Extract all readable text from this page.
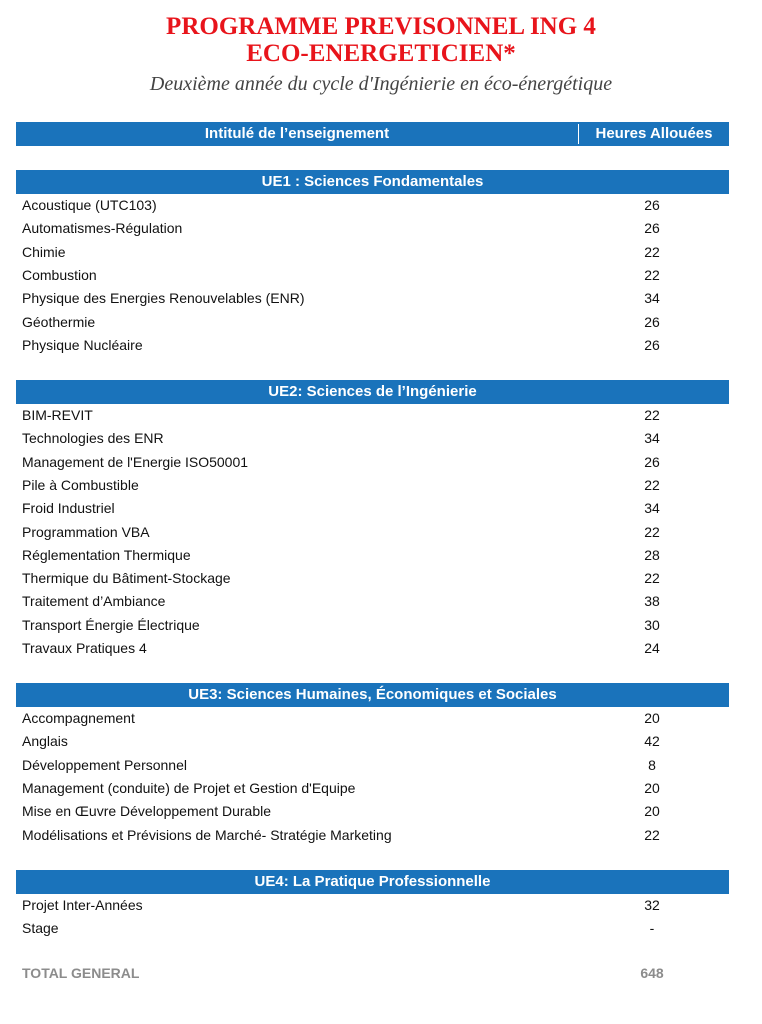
PROGRAMME PREVISONNEL ING 4
ECO-ENERGETICIEN*
Deuxième année du cycle d'Ingénierie en éco-énergétique
Intitulé de l’enseignement	Heures Allouées
UE1 : Sciences Fondamentales
Acoustique (UTC103)	26
Automatismes-Régulation	26
Chimie	22
Combustion	22
Physique des Energies Renouvelables (ENR)	34
Géothermie	26
Physique Nucléaire	26
UE2: Sciences de l’Ingénierie
BIM-REVIT	22
Technologies des ENR	34
Management de l'Energie ISO50001	26
Pile à Combustible	22
Froid Industriel	34
Programmation VBA	22
Réglementation Thermique	28
Thermique du Bâtiment-Stockage	22
Traitement d’Ambiance	38
Transport Énergie Électrique	30
Travaux Pratiques 4	24
UE3: Sciences Humaines, Économiques et Sociales
Accompagnement	20
Anglais	42
Développement Personnel	8
Management (conduite) de Projet et Gestion d'Equipe	20
Mise en Œuvre Développement Durable	20
Modélisations et Prévisions de Marché- Stratégie Marketing	22
UE4: La Pratique Professionnelle
Projet Inter-Années	32
Stage	-
TOTAL GENERAL	648
